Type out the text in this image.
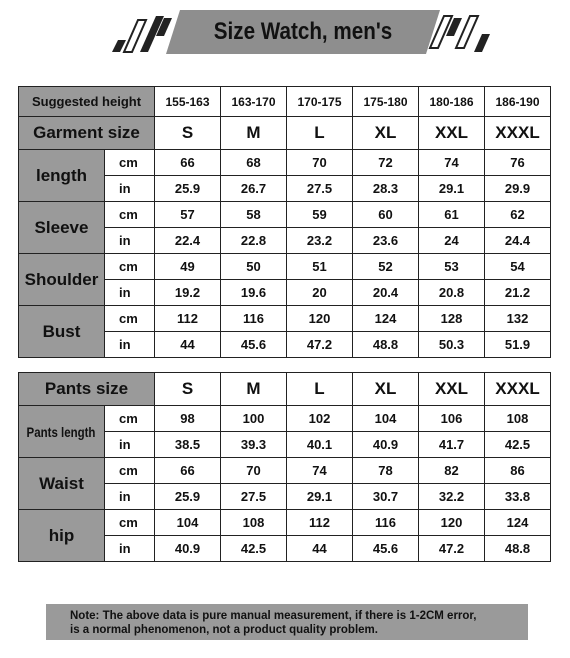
Size Watch, men's
Suggested height		155-163	163-170	170-175	175-180	180-186	186-190
Garment size		S	M	L	XL	XXL	XXXL
length	cm	66	68	70	72	74	76
	in	25.9	26.7	27.5	28.3	29.1	29.9
Sleeve	cm	57	58	59	60	61	62
	in	22.4	22.8	23.2	23.6	24	24.4
Shoulder	cm	49	50	51	52	53	54
	in	19.2	19.6	20	20.4	20.8	21.2
Bust	cm	112	116	120	124	128	132
	in	44	45.6	47.2	48.8	50.3	51.9
Pants size		S	M	L	XL	XXL	XXXL
Pants length	cm	98	100	102	104	106	108
	in	38.5	39.3	40.1	40.9	41.7	42.5
Waist	cm	66	70	74	78	82	86
	in	25.9	27.5	29.1	30.7	32.2	33.8
hip	cm	104	108	112	116	120	124
	in	40.9	42.5	44	45.6	47.2	48.8
Note: The above data is pure manual measurement, if there is 1-2CM error,
is a normal phenomenon, not a product quality problem.
